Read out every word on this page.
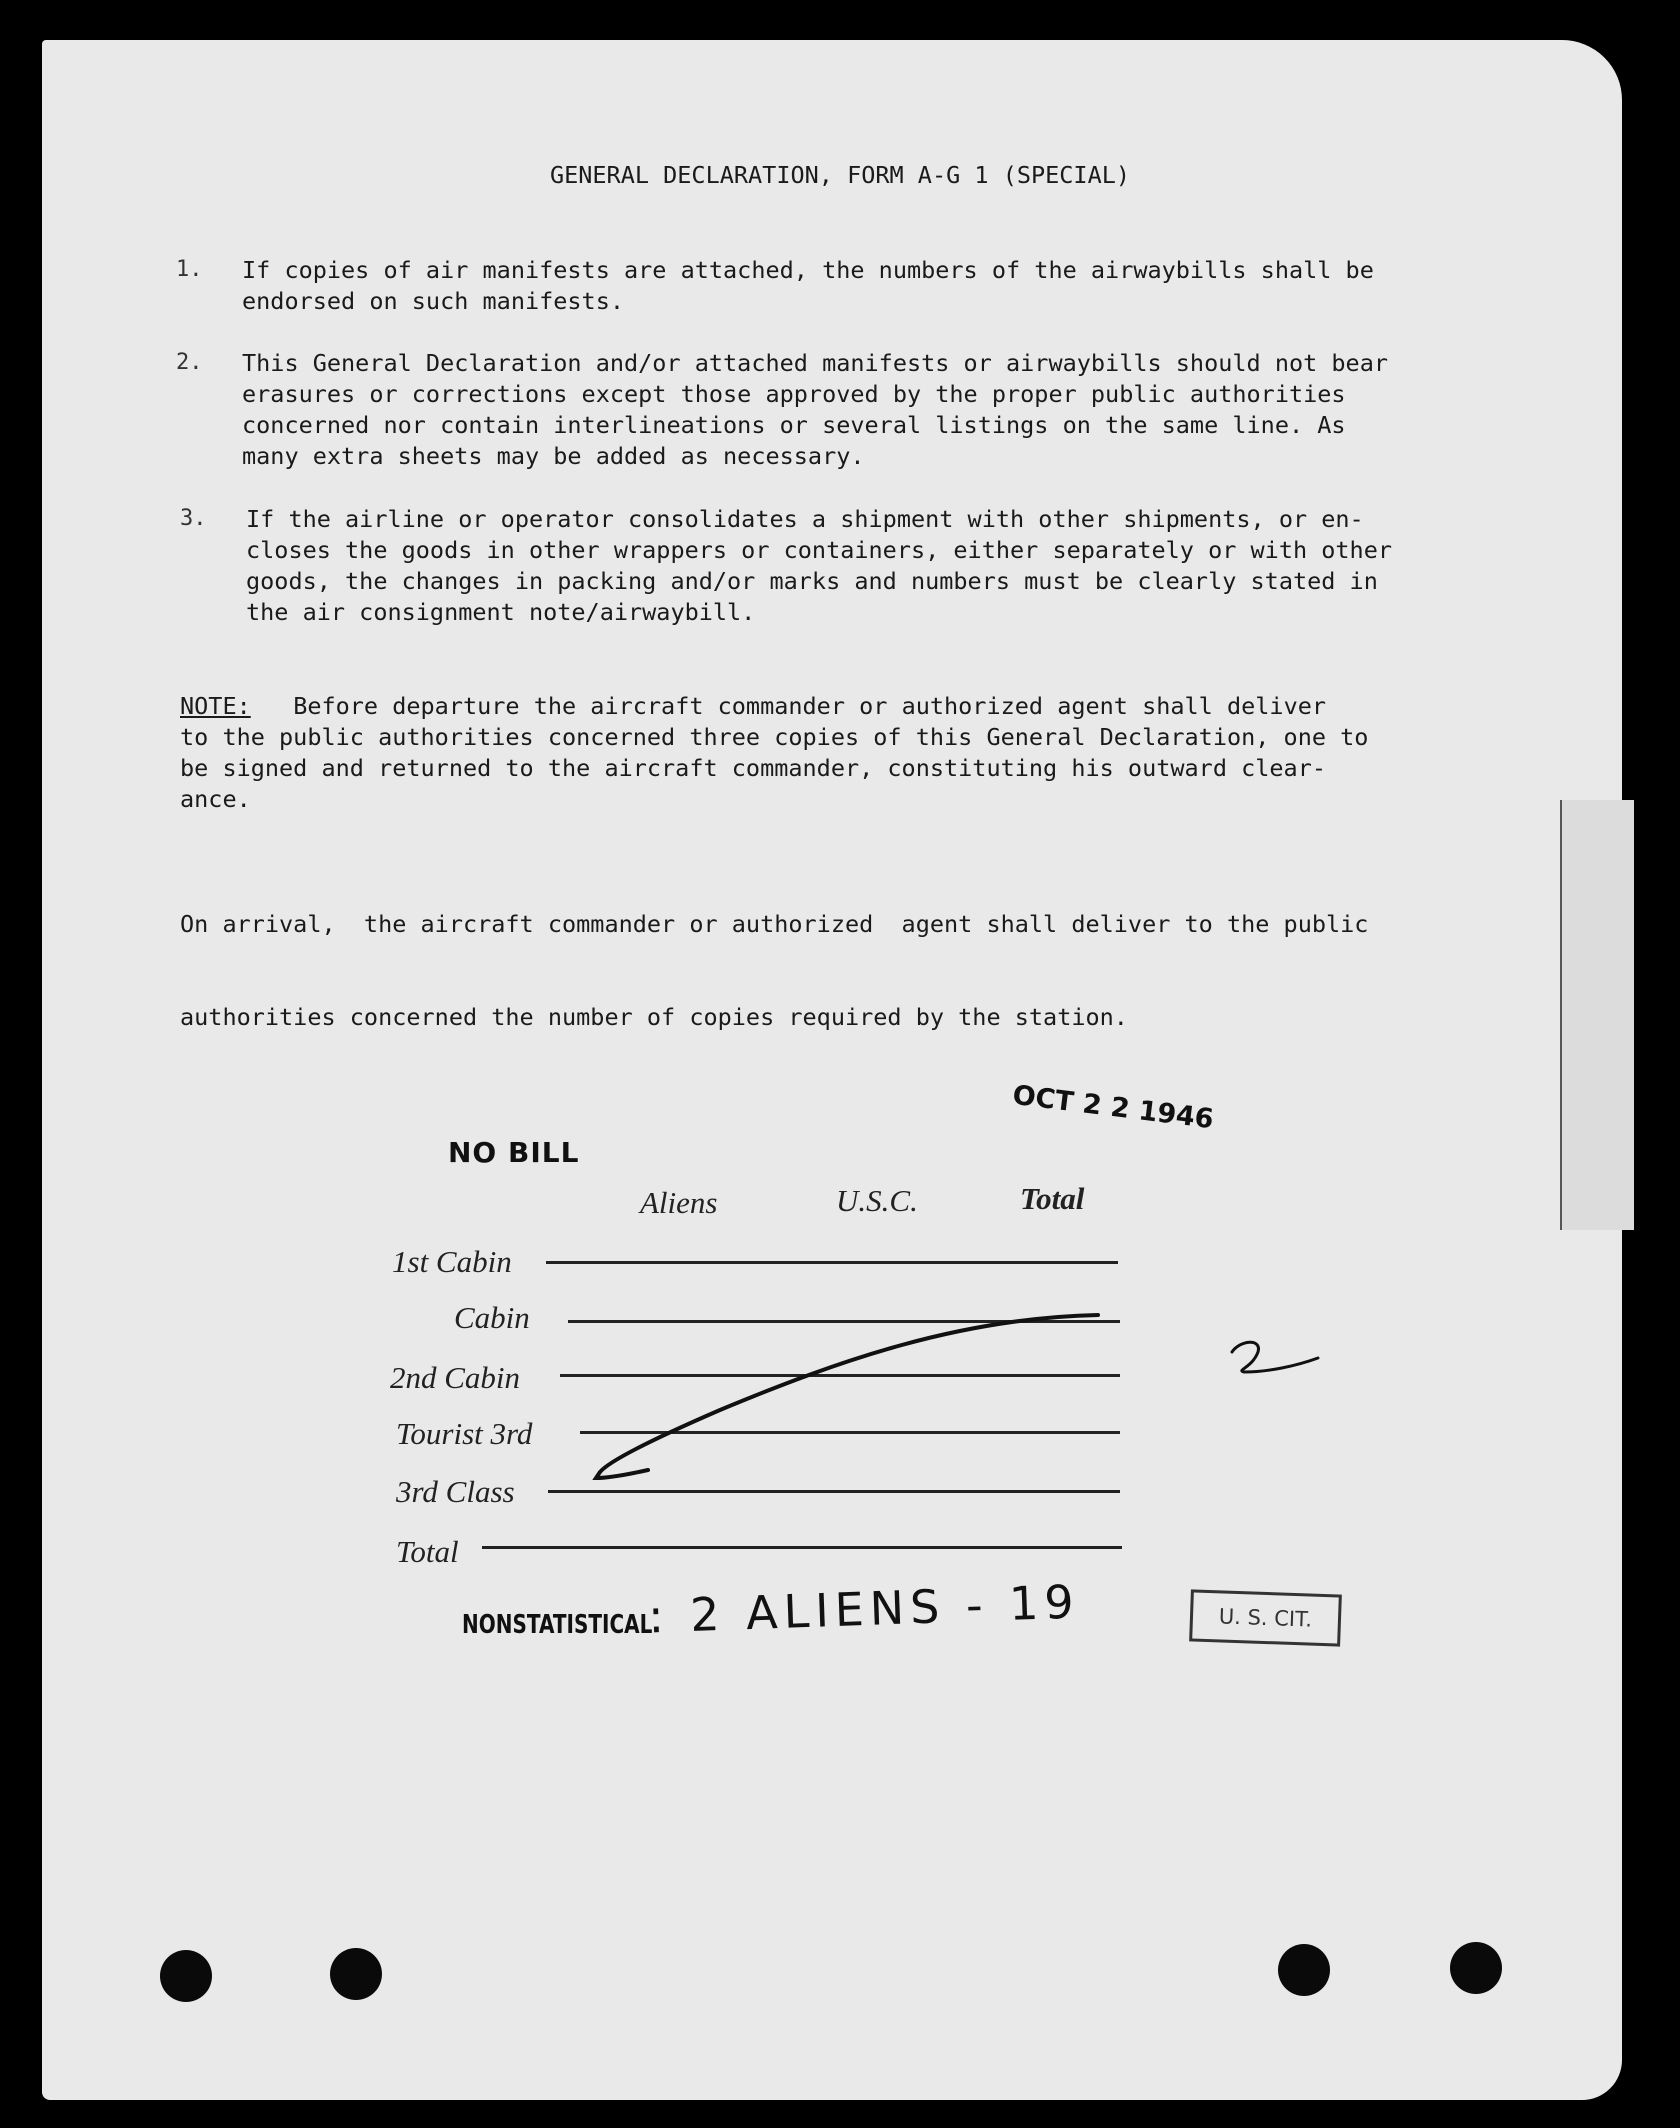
GENERAL DECLARATION, FORM A-G 1 (SPECIAL)
1. If copies of air manifests are attached, the numbers of the airwaybills shall be
endorsed on such manifests.
2. This General Declaration and/or attached manifests or airwaybills should not bear
erasures or corrections except those approved by the proper public authorities
concerned nor contain interlineations or several listings on the same line. As
many extra sheets may be added as necessary.
3. If the airline or operator consolidates a shipment with other shipments, or en-
closes the goods in other wrappers or containers, either separately or with other
goods, the changes in packing and/or marks and numbers must be clearly stated in
the air consignment note/airwaybill.
NOTE:   Before departure the aircraft commander or authorized agent shall deliver
to the public authorities concerned three copies of this General Declaration, one to
be signed and returned to the aircraft commander, constituting his outward clear-
ance.

On arrival,  the aircraft commander or authorized  agent shall deliver to the public

authorities concerned the number of copies required by the station.

NO BILL
OCT 2 2 1946
Aliens	U.S.C.	Total
1st Cabin
Cabin
2nd Cabin
Tourist 3rd
3rd Class
Total
NONSTATISTICAL
: 2 ALIENS - 19	U. S. CIT.
